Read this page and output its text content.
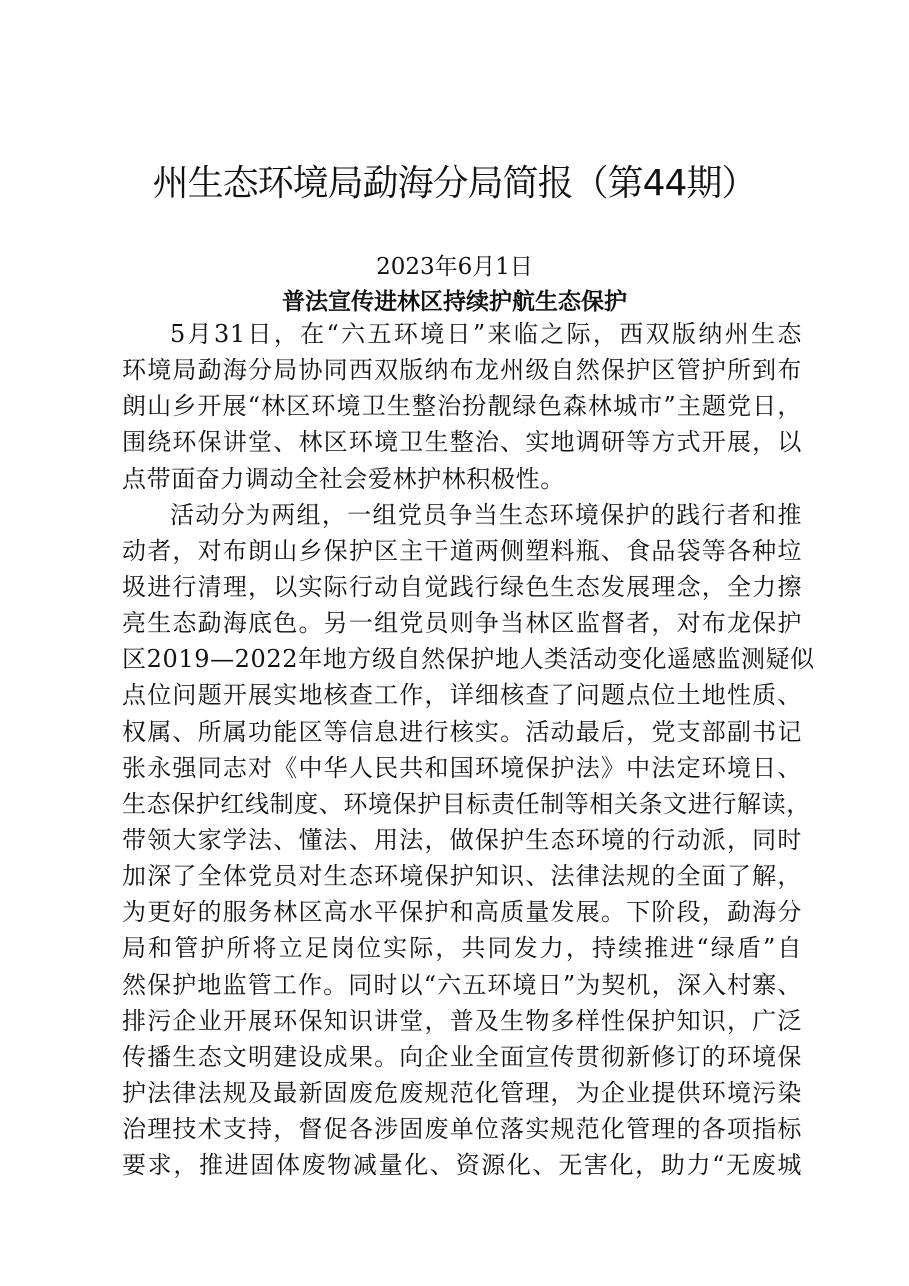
州生态环境局勐海分局简报（第44期）
2023年6月1日
普法宣传进林区持续护航生态保护
5月31日，在“六五环境日”来临之际，西双版纳州生态
环境局勐海分局协同西双版纳布龙州级自然保护区管护所到布
朗山乡开展“林区环境卫生整治扮靓绿色森林城市”主题党日，
围绕环保讲堂、林区环境卫生整治、实地调研等方式开展，以
点带面奋力调动全社会爱林护林积极性。
活动分为两组，一组党员争当生态环境保护的践行者和推
动者，对布朗山乡保护区主干道两侧塑料瓶、食品袋等各种垃
圾进行清理，以实际行动自觉践行绿色生态发展理念，全力擦
亮生态勐海底色。另一组党员则争当林区监督者，对布龙保护
区2019—2022年地方级自然保护地人类活动变化遥感监测疑似
点位问题开展实地核查工作，详细核查了问题点位土地性质、
权属、所属功能区等信息进行核实。活动最后，党支部副书记
张永强同志对《中华人民共和国环境保护法》中法定环境日、
生态保护红线制度、环境保护目标责任制等相关条文进行解读，
带领大家学法、懂法、用法，做保护生态环境的行动派，同时
加深了全体党员对生态环境保护知识、法律法规的全面了解，
为更好的服务林区高水平保护和高质量发展。下阶段，勐海分
局和管护所将立足岗位实际，共同发力，持续推进“绿盾”自
然保护地监管工作。同时以“六五环境日”为契机，深入村寨、
排污企业开展环保知识讲堂，普及生物多样性保护知识，广泛
传播生态文明建设成果。向企业全面宣传贯彻新修订的环境保
护法律法规及最新固废危废规范化管理，为企业提供环境污染
治理技术支持，督促各涉固废单位落实规范化管理的各项指标
要求，推进固体废物减量化、资源化、无害化，助力“无废城
